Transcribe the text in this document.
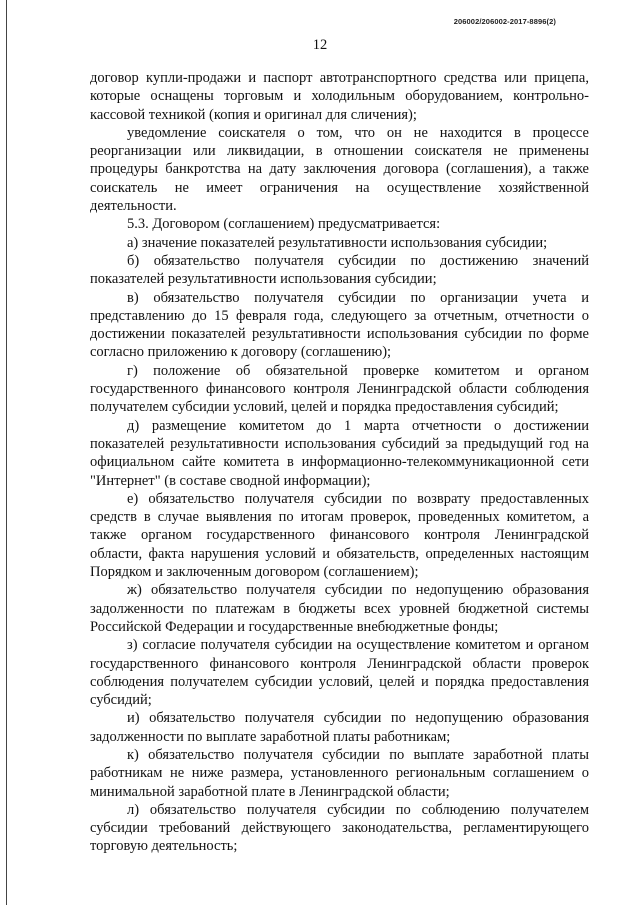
206002/206002-2017-8896(2)
12

договор купли-продажи и паспорт автотранспортного средства или прицепа, которые оснащены торговым и холодильным оборудованием, контрольно-кассовой техникой (копия и оригинал для сличения);

уведомление соискателя о том, что он не находится в процессе реорганизации или ликвидации, в отношении соискателя не применены процедуры банкротства на дату заключения договора (соглашения), а также соискатель не имеет ограничения на осуществление хозяйственной деятельности.

5.3. Договором (соглашением) предусматривается:

а) значение показателей результативности использования субсидии;

б) обязательство получателя субсидии по достижению значений показателей результативности использования субсидии;

в) обязательство получателя субсидии по организации учета и представлению до 15 февраля года, следующего за отчетным, отчетности о достижении показателей результативности использования субсидии по форме согласно приложению к договору (соглашению);

г) положение об обязательной проверке комитетом и органом государственного финансового контроля Ленинградской области соблюдения получателем субсидии условий, целей и порядка предоставления субсидий;

д) размещение комитетом до 1 марта отчетности о достижении показателей результативности использования субсидий за предыдущий год на официальном сайте комитета в информационно-телекоммуникационной сети "Интернет" (в составе сводной информации);

е) обязательство получателя субсидии по возврату предоставленных средств в случае выявления по итогам проверок, проведенных комитетом, а также органом государственного финансового контроля Ленинградской области, факта нарушения условий и обязательств, определенных настоящим Порядком и заключенным договором (соглашением);

ж) обязательство получателя субсидии по недопущению образования задолженности по платежам в бюджеты всех уровней бюджетной системы Российской Федерации и государственные внебюджетные фонды;

з) согласие получателя субсидии на осуществление комитетом и органом государственного финансового контроля Ленинградской области проверок соблюдения получателем субсидии условий, целей и порядка предоставления субсидий;

и) обязательство получателя субсидии по недопущению образования задолженности по выплате заработной платы работникам;

к) обязательство получателя субсидии по выплате заработной платы работникам не ниже размера, установленного региональным соглашением о минимальной заработной плате в Ленинградской области;

л) обязательство получателя субсидии по соблюдению получателем субсидии требований действующего законодательства, регламентирующего торговую деятельность;
